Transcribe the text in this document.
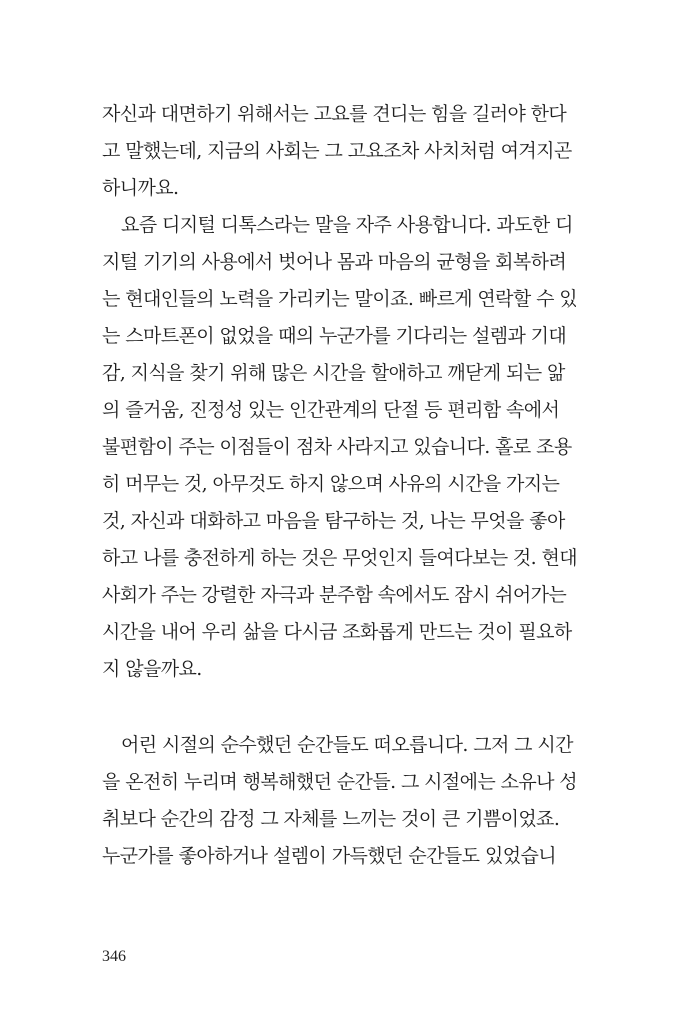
자신과 대면하기 위해서는 고요를 견디는 힘을 길러야 한다
고 말했는데, 지금의 사회는 그 고요조차 사치처럼 여겨지곤
하니까요.
요즘 디지털 디톡스라는 말을 자주 사용합니다. 과도한 디
지털 기기의 사용에서 벗어나 몸과 마음의 균형을 회복하려
는 현대인들의 노력을 가리키는 말이죠. 빠르게 연락할 수 있
는 스마트폰이 없었을 때의 누군가를 기다리는 설렘과 기대
감, 지식을 찾기 위해 많은 시간을 할애하고 깨닫게 되는 앎
의 즐거움, 진정성 있는 인간관계의 단절 등 편리함 속에서
불편함이 주는 이점들이 점차 사라지고 있습니다. 홀로 조용
히 머무는 것, 아무것도 하지 않으며 사유의 시간을 가지는
것, 자신과 대화하고 마음을 탐구하는 것, 나는 무엇을 좋아
하고 나를 충전하게 하는 것은 무엇인지 들여다보는 것. 현대
사회가 주는 강렬한 자극과 분주함 속에서도 잠시 쉬어가는
시간을 내어 우리 삶을 다시금 조화롭게 만드는 것이 필요하
지 않을까요.
어린 시절의 순수했던 순간들도 떠오릅니다. 그저 그 시간
을 온전히 누리며 행복해했던 순간들. 그 시절에는 소유나 성
취보다 순간의 감정 그 자체를 느끼는 것이 큰 기쁨이었죠.
누군가를 좋아하거나 설렘이 가득했던 순간들도 있었습니
346
